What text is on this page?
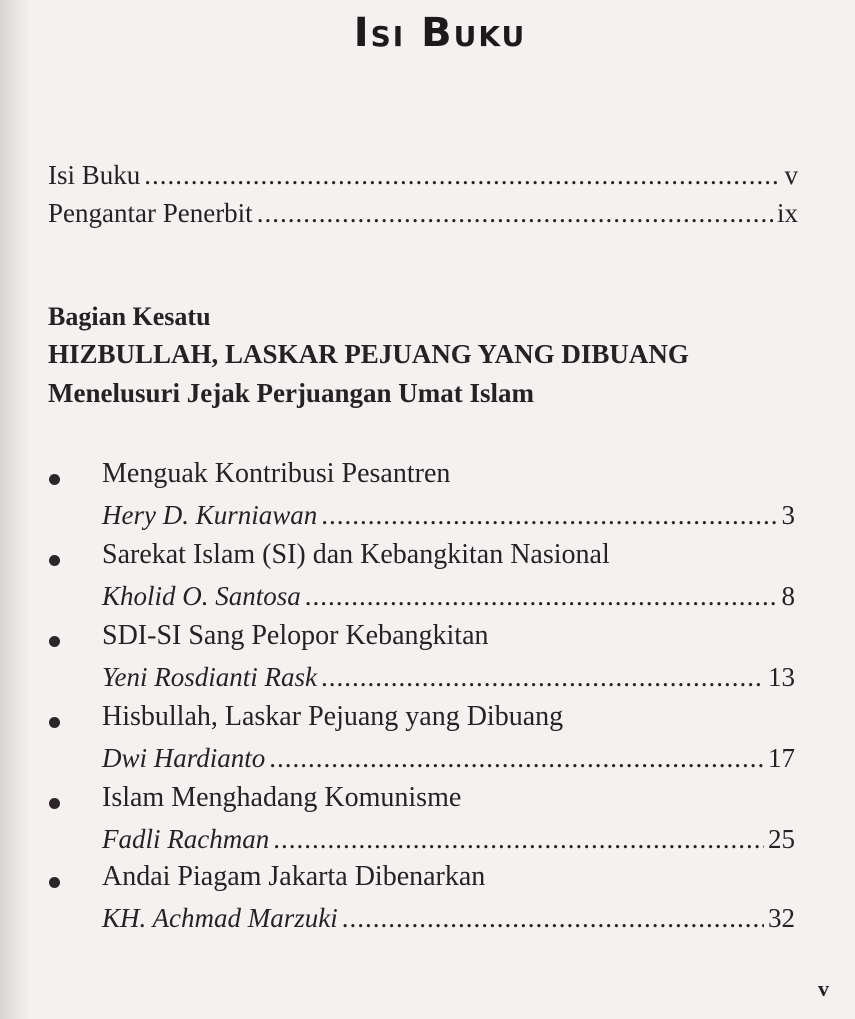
Isi Buku
Isi Buku .....	v
Pengantar Penerbit .....	ix
Bagian Kesatu
HIZBULLAH, LASKAR PEJUANG YANG DIBUANG
Menelusuri Jejak Perjuangan Umat Islam
Menguak Kontribusi Pesantren
Hery D. Kurniawan .....	3
Sarekat Islam (SI) dan Kebangkitan Nasional
Kholid O. Santosa .....	8
SDI-SI Sang Pelopor Kebangkitan
Yeni Rosdianti Rask .....	13
Hisbullah, Laskar Pejuang yang Dibuang
Dwi Hardianto .....	17
Islam Menghadang Komunisme
Fadli Rachman .....	25
Andai Piagam Jakarta Dibenarkan
KH. Achmad Marzuki .....	32
v
